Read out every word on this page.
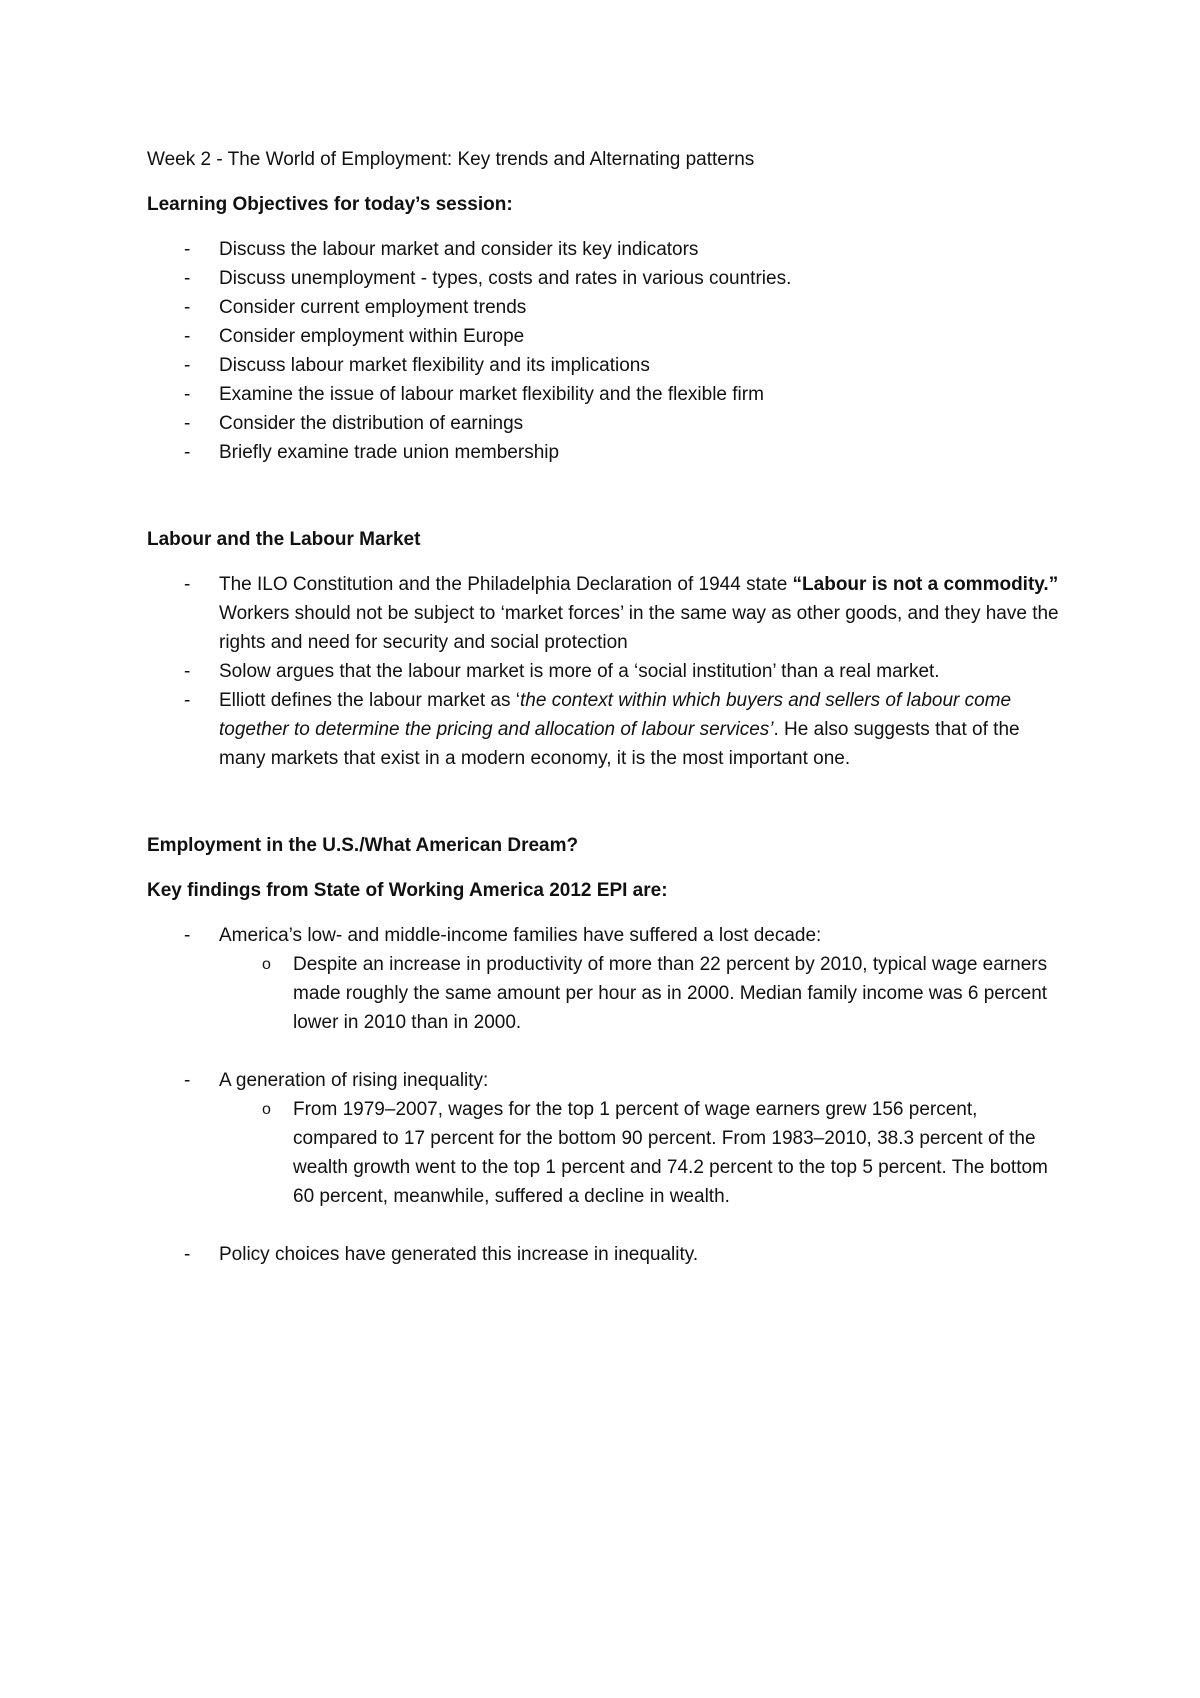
Week 2 - The World of Employment: Key trends and Alternating patterns

Learning Objectives for today’s session:

- Discuss the labour market and consider its key indicators
- Discuss unemployment - types, costs and rates in various countries.
- Consider current employment trends
- Consider employment within Europe
- Discuss labour market flexibility and its implications
- Examine the issue of labour market flexibility and the flexible firm
- Consider the distribution of earnings
- Briefly examine trade union membership

Labour and the Labour Market

- The ILO Constitution and the Philadelphia Declaration of 1944 state “Labour is not a commodity.” Workers should not be subject to ‘market forces’ in the same way as other goods, and they have the rights and need for security and social protection
- Solow argues that the labour market is more of a ‘social institution’ than a real market.
- Elliott defines the labour market as ‘the context within which buyers and sellers of labour come together to determine the pricing and allocation of labour services’. He also suggests that of the many markets that exist in a modern economy, it is the most important one.

Employment in the U.S./What American Dream?

Key findings from State of Working America 2012 EPI are:

- America’s low- and middle-income families have suffered a lost decade:
o Despite an increase in productivity of more than 22 percent by 2010, typical wage earners made roughly the same amount per hour as in 2000. Median family income was 6 percent lower in 2010 than in 2000.
- A generation of rising inequality:
o From 1979–2007, wages for the top 1 percent of wage earners grew 156 percent, compared to 17 percent for the bottom 90 percent. From 1983–2010, 38.3 percent of the wealth growth went to the top 1 percent and 74.2 percent to the top 5 percent. The bottom 60 percent, meanwhile, suffered a decline in wealth.
- Policy choices have generated this increase in inequality.
